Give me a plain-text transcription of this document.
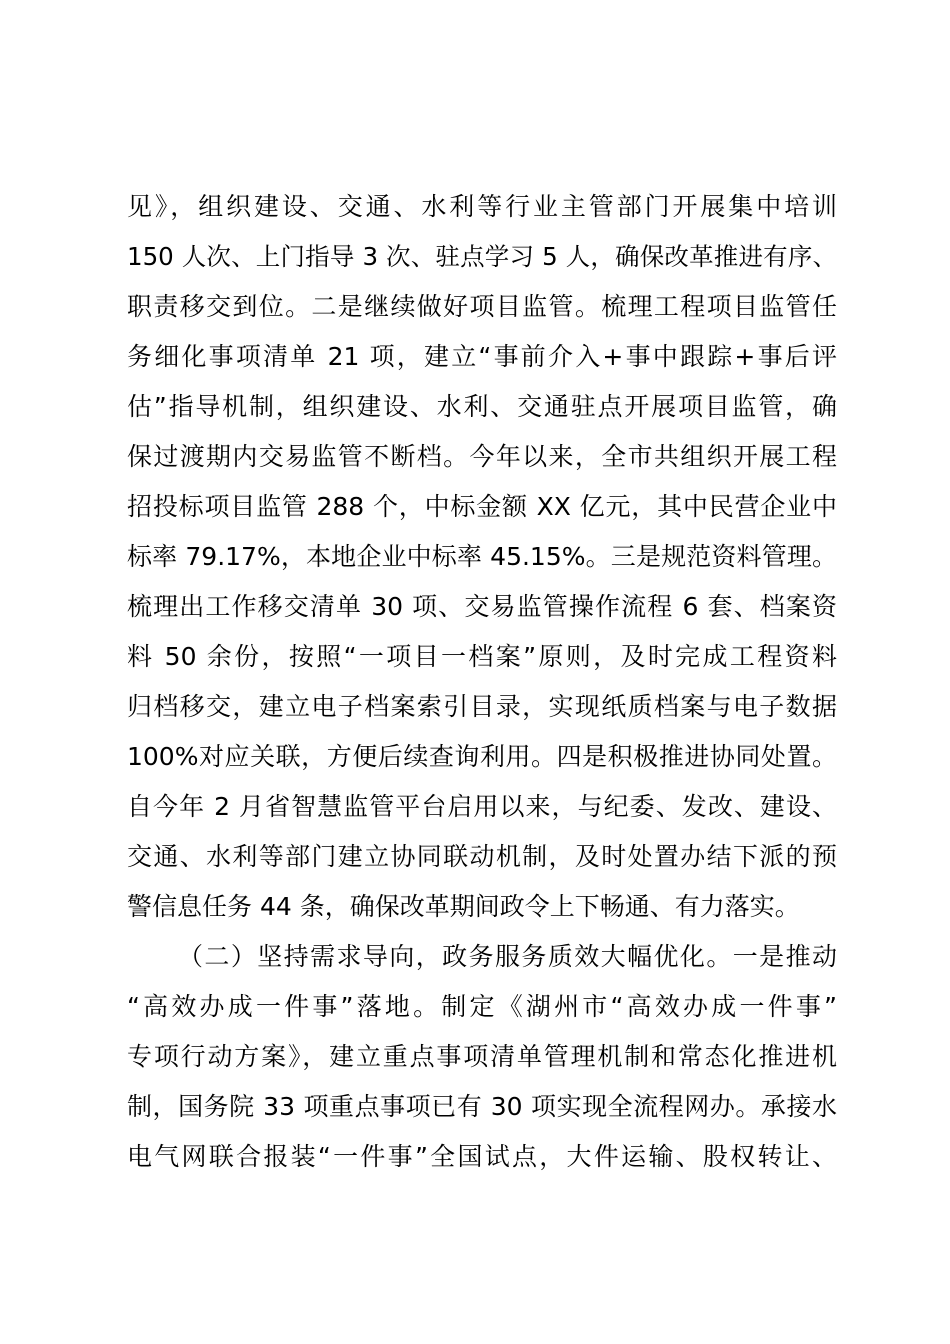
见》，组织建设、交通、水利等行业主管部门开展集中培训
150 人次、上门指导 3 次、驻点学习 5 人，确保改革推进有序、
职责移交到位。二是继续做好项目监管。梳理工程项目监管任
务细化事项清单 21 项，建立“事前介入+事中跟踪+事后评
估”指导机制，组织建设、水利、交通驻点开展项目监管，确
保过渡期内交易监管不断档。今年以来，全市共组织开展工程
招投标项目监管 288 个，中标金额 XX 亿元，其中民营企业中
标率 79.17%，本地企业中标率 45.15%。三是规范资料管理。
梳理出工作移交清单 30 项、交易监管操作流程 6 套、档案资
料 50 余份，按照“一项目一档案”原则，及时完成工程资料
归档移交，建立电子档案索引目录，实现纸质档案与电子数据
100%对应关联，方便后续查询利用。四是积极推进协同处置。
自今年 2 月省智慧监管平台启用以来，与纪委、发改、建设、
交通、水利等部门建立协同联动机制，及时处置办结下派的预
警信息任务 44 条，确保改革期间政令上下畅通、有力落实。
（二）坚持需求导向，政务服务质效大幅优化。一是推动
“高效办成一件事”落地。制定《湖州市“高效办成一件事”
专项行动方案》，建立重点事项清单管理机制和常态化推进机
制，国务院 33 项重点事项已有 30 项实现全流程网办。承接水
电气网联合报装“一件事”全国试点，大件运输、股权转让、
